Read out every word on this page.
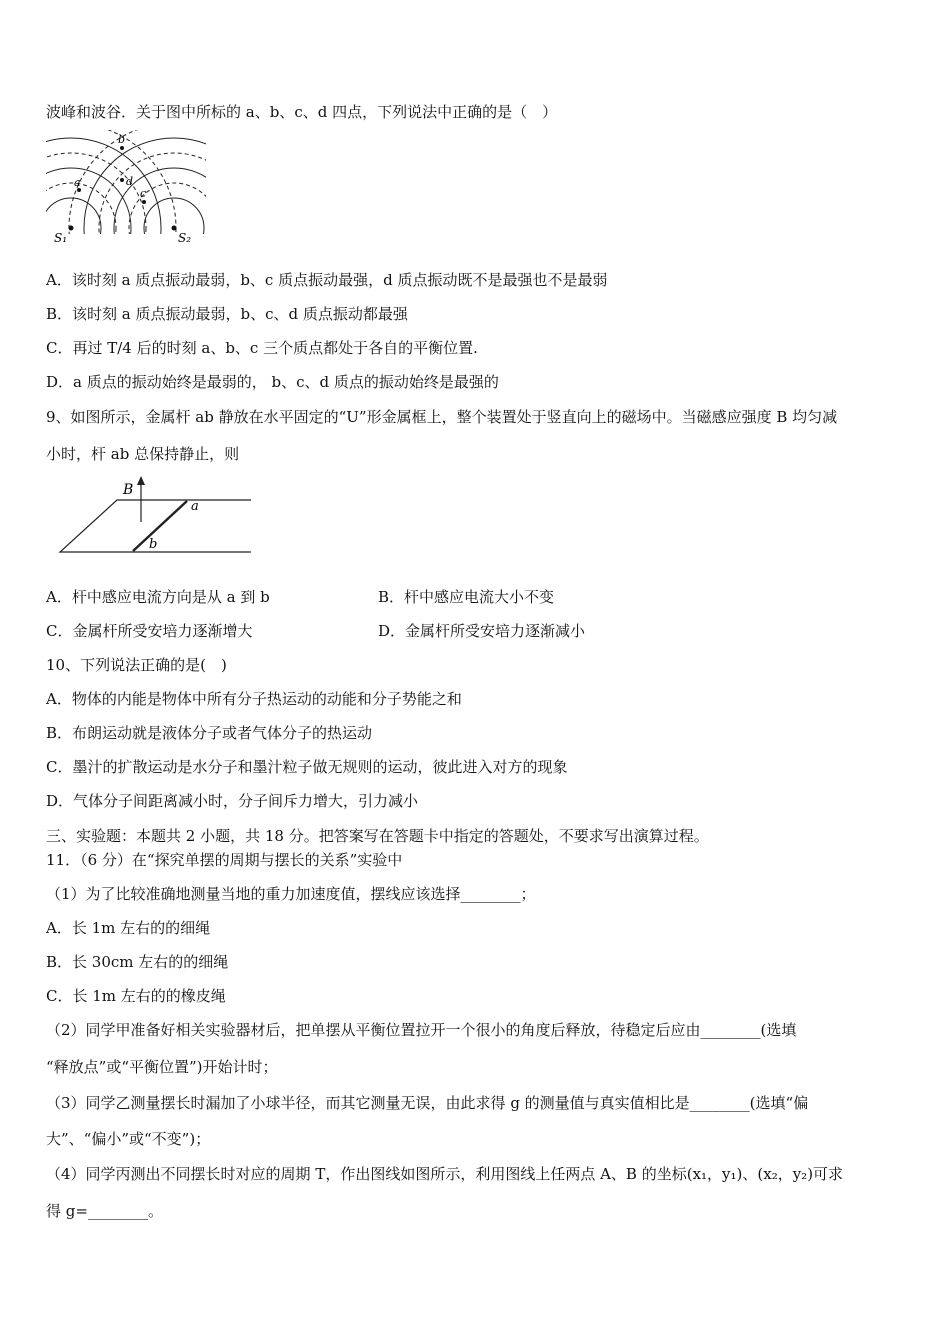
波峰和波谷．关于图中所标的 a、b、c、d 四点，下列说法中正确的是（　）
a
b
c
d
S₁	S₂
A．该时刻 a 质点振动最弱，b、c 质点振动最强，d 质点振动既不是最强也不是最弱
B．该时刻 a 质点振动最弱，b、c、d 质点振动都最强
C．再过 T/4 后的时刻 a、b、c 三个质点都处于各自的平衡位置.
D．a 质点的振动始终是最弱的， b、c、d 质点的振动始终是最强的
9、如图所示，金属杆 ab 静放在水平固定的“U”形金属框上，整个装置处于竖直向上的磁场中。当磁感应强度 B 均匀减
小时，杆 ab 总保持静止，则
B
a
b
A．杆中感应电流方向是从 a 到 b	B．杆中感应电流大小不变
C．金属杆所受安培力逐渐增大	D．金属杆所受安培力逐渐减小
10、下列说法正确的是(　)
A．物体的内能是物体中所有分子热运动的动能和分子势能之和
B．布朗运动就是液体分子或者气体分子的热运动
C．墨汁的扩散运动是水分子和墨汁粒子做无规则的运动，彼此进入对方的现象
D．气体分子间距离减小时，分子间斥力增大，引力减小
三、实验题：本题共 2 小题，共 18 分。把答案写在答题卡中指定的答题处，不要求写出演算过程。
11．（6 分）在“探究单摆的周期与摆长的关系”实验中
（1）为了比较准确地测量当地的重力加速度值，摆线应该选择________；
A．长 1m 左右的的细绳
B．长 30cm 左右的的细绳
C．长 1m 左右的的橡皮绳
（2）同学甲准备好相关实验器材后，把单摆从平衡位置拉开一个很小的角度后释放，待稳定后应由________(选填
“释放点”或“平衡位置”)开始计时；
（3）同学乙测量摆长时漏加了小球半径，而其它测量无误，由此求得 g 的测量值与真实值相比是________(选填“偏
大”、“偏小”或“不变”)；
（4）同学丙测出不同摆长时对应的周期 T，作出图线如图所示，利用图线上任两点 A、B 的坐标(x₁，y₁)、(x₂，y₂)可求
得 g=________。
